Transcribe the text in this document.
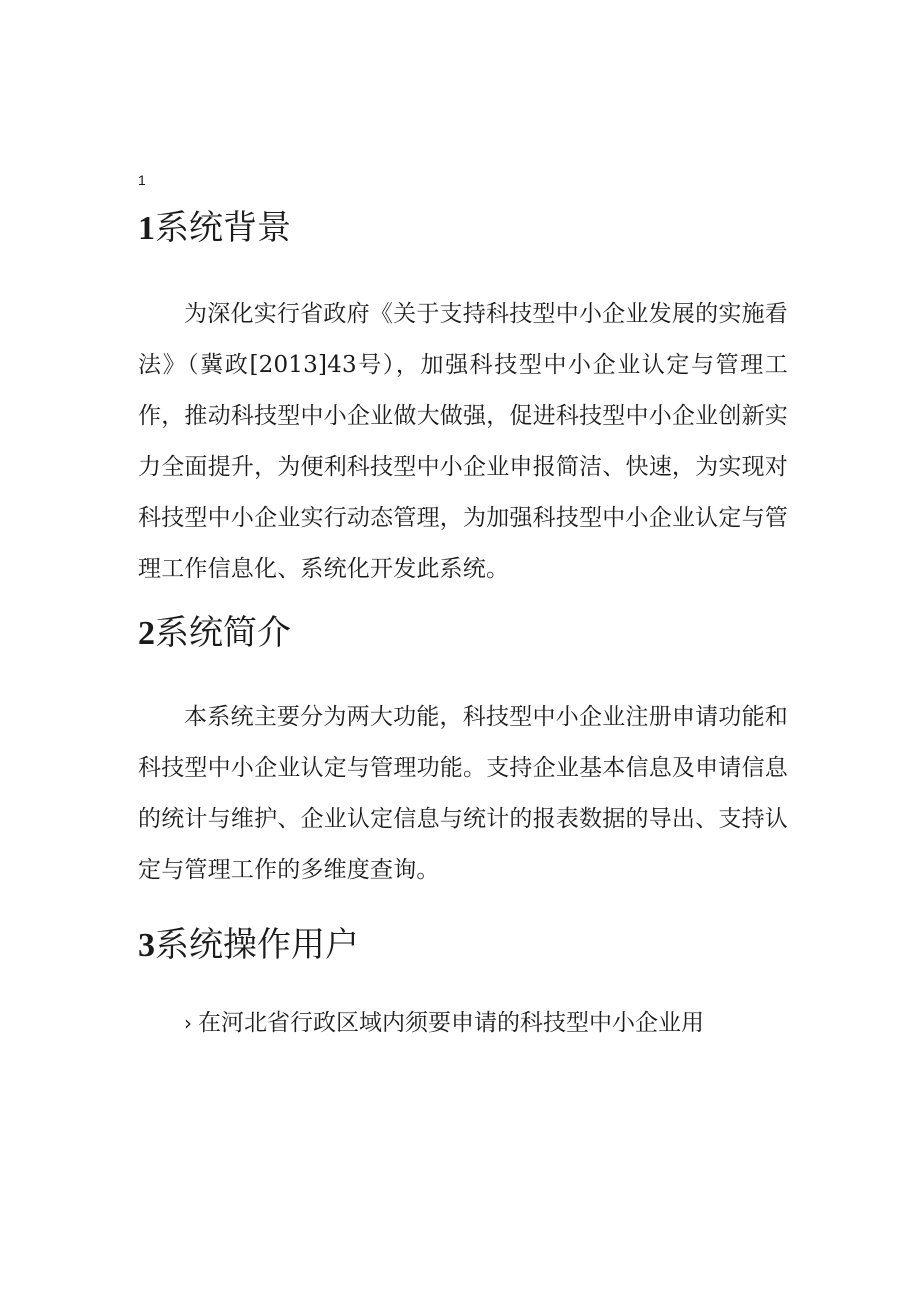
1
1系统背景

为深化实行省政府《关于支持科技型中小企业发展的实施看法》（冀政[2013]43号），加强科技型中小企业认定与管理工作，推动科技型中小企业做大做强，促进科技型中小企业创新实力全面提升，为便利科技型中小企业申报简洁、快速，为实现对科技型中小企业实行动态管理，为加强科技型中小企业认定与管理工作信息化、系统化开发此系统。

2系统简介

本系统主要分为两大功能，科技型中小企业注册申请功能和科技型中小企业认定与管理功能。支持企业基本信息及申请信息的统计与维护、企业认定信息与统计的报表数据的导出、支持认定与管理工作的多维度查询。

3系统操作用户

› 在河北省行政区域内须要申请的科技型中小企业用
